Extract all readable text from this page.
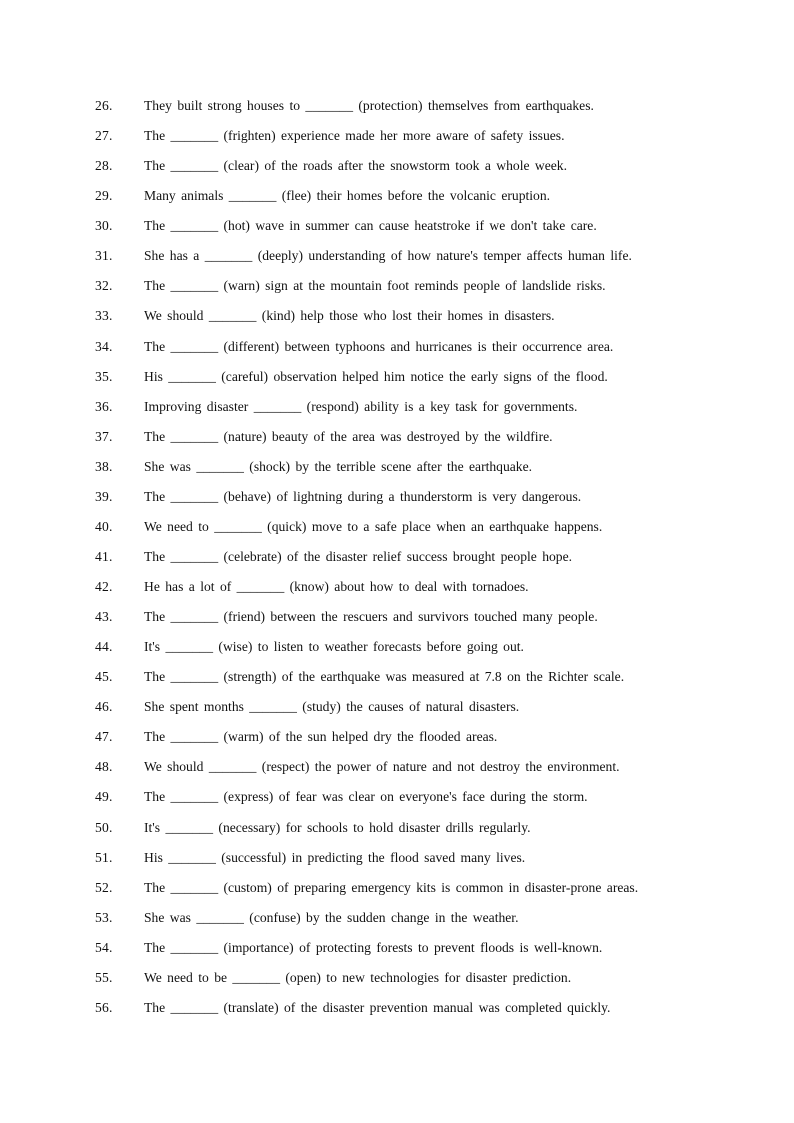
26. They built strong houses to _______ (protection) themselves from earthquakes.
27. The _______ (frighten) experience made her more aware of safety issues.
28. The _______ (clear) of the roads after the snowstorm took a whole week.
29. Many animals _______ (flee) their homes before the volcanic eruption.
30. The _______ (hot) wave in summer can cause heatstroke if we don't take care.
31. She has a _______ (deeply) understanding of how nature's temper affects human life.
32. The _______ (warn) sign at the mountain foot reminds people of landslide risks.
33. We should _______ (kind) help those who lost their homes in disasters.
34. The _______ (different) between typhoons and hurricanes is their occurrence area.
35. His _______ (careful) observation helped him notice the early signs of the flood.
36. Improving disaster _______ (respond) ability is a key task for governments.
37. The _______ (nature) beauty of the area was destroyed by the wildfire.
38. She was _______ (shock) by the terrible scene after the earthquake.
39. The _______ (behave) of lightning during a thunderstorm is very dangerous.
40. We need to _______ (quick) move to a safe place when an earthquake happens.
41. The _______ (celebrate) of the disaster relief success brought people hope.
42. He has a lot of _______ (know) about how to deal with tornadoes.
43. The _______ (friend) between the rescuers and survivors touched many people.
44. It's _______ (wise) to listen to weather forecasts before going out.
45. The _______ (strength) of the earthquake was measured at 7.8 on the Richter scale.
46. She spent months _______ (study) the causes of natural disasters.
47. The _______ (warm) of the sun helped dry the flooded areas.
48. We should _______ (respect) the power of nature and not destroy the environment.
49. The _______ (express) of fear was clear on everyone's face during the storm.
50. It's _______ (necessary) for schools to hold disaster drills regularly.
51. His _______ (successful) in predicting the flood saved many lives.
52. The _______ (custom) of preparing emergency kits is common in disaster-prone areas.
53. She was _______ (confuse) by the sudden change in the weather.
54. The _______ (importance) of protecting forests to prevent floods is well-known.
55. We need to be _______ (open) to new technologies for disaster prediction.
56. The _______ (translate) of the disaster prevention manual was completed quickly.
